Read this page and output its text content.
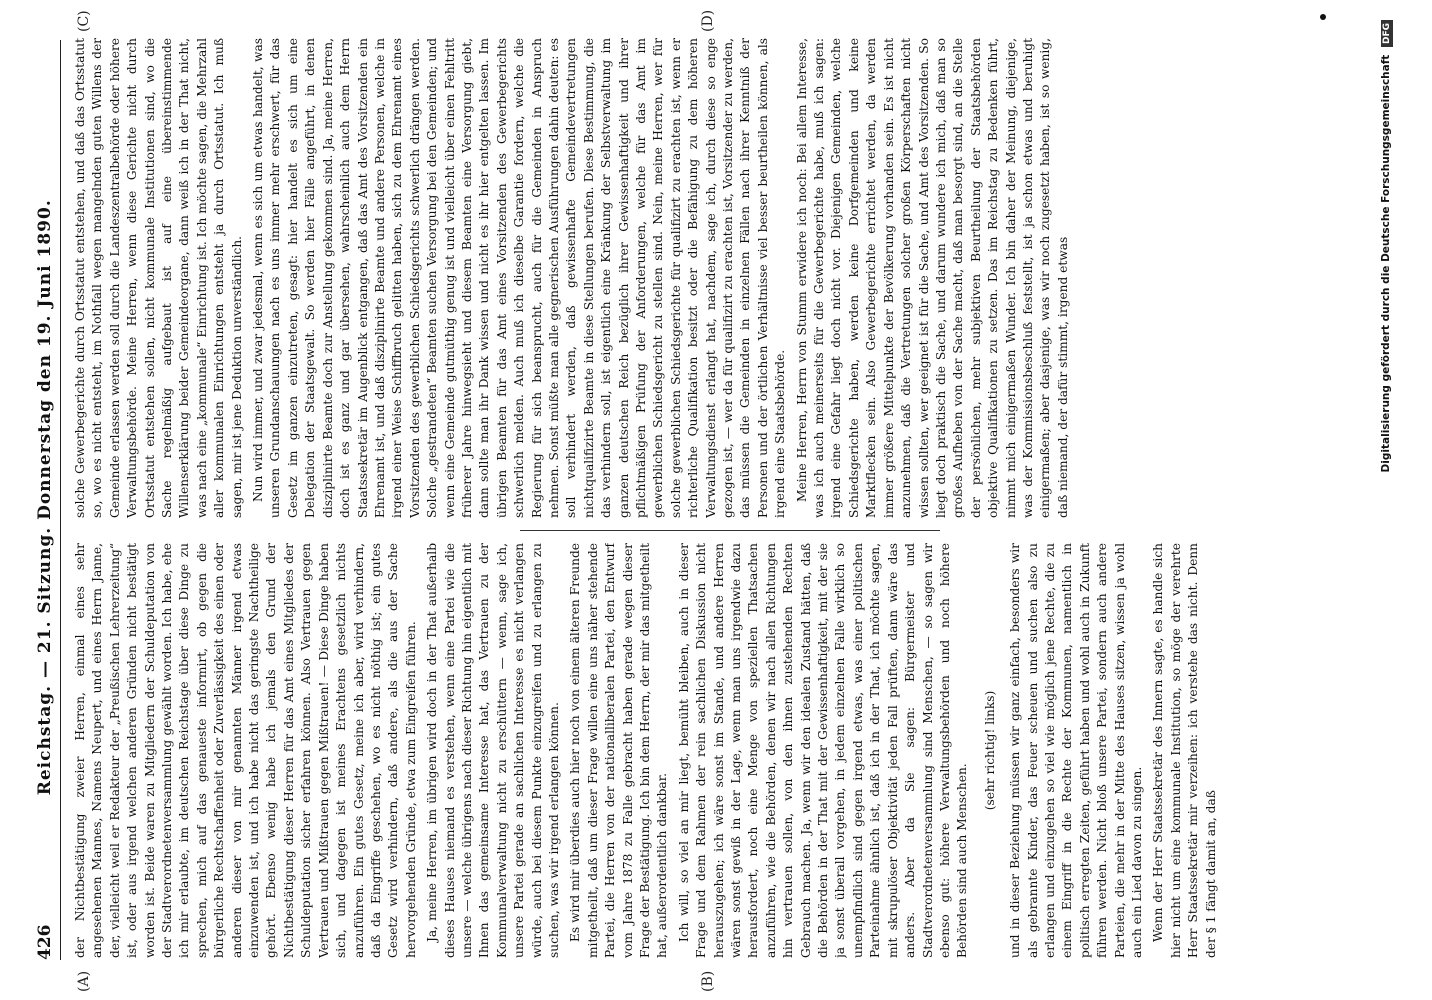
426
Reichstag. — 21. Sitzung. Donnerstag den 19. Juni 1890.
(A)	(B)
(C)	(D)

der Nichtbestätigung zweier Herren, einmal eines sehr angesehenen Mannes, Namens Neupert, und eines Herrn Janne, der, vielleicht weil er Redakteur der „Preußischen Lehrerzeitung“ ist, oder aus irgend welchen anderen Gründen nicht bestätigt worden ist. Beide waren zu Mitgliedern der Schuldeputation von der Stadtverordnetenversammlung gewählt worden. Ich habe, ehe ich mir erlaubte, im deutschen Reichstage über diese Dinge zu sprechen, mich auf das genaueste informirt, ob gegen die bürgerliche Rechtschaffenheit oder Zuverlässigkeit des einen oder anderen dieser von mir genannten Männer irgend etwas einzuwenden ist, und ich habe nicht das geringste Nachtheilige gehört. Ebenso wenig habe ich jemals den Grund der Nichtbestätigung dieser Herren für das Amt eines Mitgliedes der Schuldeputation sicher erfahren können. Also Vertrauen gegen Vertrauen und Mißtrauen gegen Mißtrauen! — Diese Dinge haben sich, und dagegen ist meines Erachtens gesetzlich nichts anzuführen. Ein gutes Gesetz, meine ich aber, wird verhindern, daß da Eingriffe geschehen, wo es nicht nöthig ist; ein gutes Gesetz wird verhindern, daß andere, als die aus der Sache hervorgehenden Gründe, etwa zum Eingreifen führen. Ja, meine Herren, im übrigen wird doch in der That außerhalb dieses Hauses niemand es verstehen, wenn eine Partei wie die unsere — welche übrigens nach dieser Richtung hin eigentlich mit Ihnen das gemeinsame Interesse hat, das Vertrauen zu der Kommunalverwaltung nicht zu erschüttern — wenn, sage ich, unsere Partei gerade an sachlichen Interesse es nicht verlangen würde, auch bei diesem Punkte einzugreifen und zu erlangen zu suchen, was wir irgend erlangen können. Es wird mir überdies auch hier noch von einem älteren Freunde mitgetheilt, daß um dieser Frage willen eine uns näher stehende Partei, die Herren von der nationalliberalen Partei, den Entwurf vom Jahre 1878 zu Falle gebracht haben gerade wegen dieser Frage der Bestätigung. Ich bin dem Herrn, der mir das mitgetheilt hat, außerordentlich dankbar. Ich will, so viel an mir liegt, bemüht bleiben, auch in dieser Frage und dem Rahmen der rein sachlichen Diskussion nicht herauszugehen; ich wäre sonst im Stande, und andere Herren wären sonst gewiß in der Lage, wenn man uns irgendwie dazu herausfordert, noch eine Menge von speziellen Thatsachen anzuführen, wie die Behörden, denen wir nach allen Richtungen hin vertrauen sollen, von den ihnen zustehenden Rechten Gebrauch machen. Ja, wenn wir den idealen Zustand hätten, daß die Behörden in der That mit der Gewissenhaftigkeit, mit der sie ja sonst überall vorgehen, in jedem einzelnen Falle wirklich so unempfindlich sind gegen irgend etwas, was einer politischen Parteinahme ähnlich ist, daß ich in der That, ich möchte sagen, mit skrupulöser Objektivität jeden Fall prüften, dann wäre das anders. Aber da Sie sagen: Bürgermeister und Stadtverordnetenversammlung sind Menschen, — so sagen wir ebenso gut: höhere Verwaltungsbehörden und noch höhere Behörden sind auch Menschen.

(sehr richtig! links) und in dieser Beziehung müssen wir ganz einfach, besonders wir als gebrannte Kinder, das Feuer scheuen und suchen also zu erlangen und einzugehen so viel wie möglich jene Rechte, die zu einem Eingriff in die Rechte der Kommunen, namentlich in politisch erregten Zeiten, geführt haben und wohl auch in Zukunft führen werden. Nicht bloß unsere Partei, sondern auch andere Parteien, die mehr in der Mitte des Hauses sitzen, wissen ja wohl auch ein Lied davon zu singen. Wenn der Herr Staatssekretär des Innern sagte, es handle sich hier nicht um eine kommunale Institution, so möge der verehrte Herr Staatssekretär mir verzeihen: ich verstehe das nicht. Denn der § 1 fängt damit an, daß

solche Gewerbegerichte durch Ortsstatut entstehen, und daß das Ortsstatut so, wo es nicht entsteht, im Nothfall wegen mangelnden guten Willens der Gemeinde erlassen werden soll durch die Landeszentralbehörde oder höhere Verwaltungsbehörde. Meine Herren, wenn diese Gerichte nicht durch Ortsstatut entstehen sollen, nicht kommunale Institutionen sind, wo die Sache regelmäßig aufgebaut ist auf eine übereinstimmende Willenserklärung beider Gemeindeorgane, dann weiß ich in der That nicht, was nach eine „kommunale“ Einrichtung ist. Ich möchte sagen, die Mehrzahl aller kommunalen Einrichtungen entsteht ja durch Ortsstatut. Ich muß sagen, mir ist jene Deduktion unverständlich. Nun wird immer, und zwar jedesmal, wenn es sich um etwas handelt, was unseren Grundanschauungen nach es uns immer mehr erschwert, für das Gesetz im ganzen einzutreten, gesagt: hier handelt es sich um eine Delegation der Staatsgewalt. So werden hier Fälle angeführt, in denen disziplinirte Beamte doch zur Anstellung gekommen sind. Ja, meine Herren, doch ist es ganz und gar übersehen, wahrscheinlich auch dem Herrn Staatssekretär im Augenblick entgangen, daß das Amt des Vorsitzenden ein Ehrenamt ist, und daß disziplinirte Beamte und andere Personen, welche in irgend einer Weise Schiffbruch gelitten haben, sich zu dem Ehrenamt eines Vorsitzenden des gewerblichen Schiedsgerichts schwerlich drängen werden. Solche „gestrandeten“ Beamten suchen Versorgung bei den Gemeinden; und wenn eine Gemeinde gutmüthig genug ist und vielleicht über einen Fehltritt früherer Jahre hinwegsieht und diesem Beamten eine Versorgung giebt, dann sollte man ihr Dank wissen und nicht es ihr hier entgelten lassen. Im übrigen Beamten für das Amt eines Vorsitzenden des Gewerbegerichts schwerlich melden. Auch muß ich dieselbe Garantie fordern, welche die Regierung für sich beansprucht, auch für die Gemeinden in Anspruch nehmen. Sonst müßte man alle gegnerischen Ausführungen dahin deuten: es soll verhindert werden, daß gewissenhafte Gemeindevertretungen nichtqualifizirte Beamte in diese Stellungen berufen. Diese Bestimmung, die das verhindern soll, ist eigentlich eine Kränkung der Selbstverwaltung im ganzen deutschen Reich bezüglich ihrer Gewissenhaftigkeit und ihrer pflichtmäßigen Prüfung der Anforderungen, welche für das Amt im gewerblichen Schiedsgericht zu stellen sind. Nein, meine Herren, wer für solche gewerblichen Schiedsgerichte für qualifizirt zu erachten ist, wenn er richterliche Qualifikation besitzt oder die Befähigung zu dem höheren Verwaltungsdienst erlangt hat, nachdem, sage ich, durch diese so enge gezogen ist, — wer da für qualifizirt zu erachten ist, Vorsitzender zu werden, das müssen die Gemeinden in einzelnen Fällen nach ihrer Kenntniß der Personen und der örtlichen Verhältnisse viel besser beurtheilen können, als irgend eine Staatsbehörde. Meine Herren, Herrn von Stumm erwidere ich noch: Bei allem Interesse, was ich auch meinerseits für die Gewerbegerichte habe, muß ich sagen: irgend eine Gefahr liegt doch nicht vor. Diejenigen Gemeinden, welche Schiedsgerichte haben, werden keine Dorfgemeinden und keine Marktflecken sein. Also Gewerbegerichte errichtet werden, da werden immer größere Mittelpunkte der Bevölkerung vorhanden sein. Es ist nicht anzunehmen, daß die Vertretungen solcher großen Körperschaften nicht wissen sollten, wer geeignet ist für die Sache, und Amt des Vorsitzenden. So liegt doch praktisch die Sache, und darum wundere ich mich, daß man so großes Aufheben von der Sache macht, daß man besorgt sind, an die Stelle der persönlichen, mehr subjektiven Beurtheilung der Staatsbehörden objektive Qualifikationen zu setzen. Das im Reichstag zu Bedenken führt, nimmt mich einigermaßen Wunder. Ich bin daher der Meinung, diejenige, was der Kommissionsbeschluß feststellt, ist ja schon etwas und beruhigt einigermaßen; aber dasjenige, was wir noch zugesetzt haben, ist so wenig, daß niemand, der dafür stimmt, irgend etwas	Digitalisierung gefördert durch die Deutsche Forschungsgemeinschaft DFG
